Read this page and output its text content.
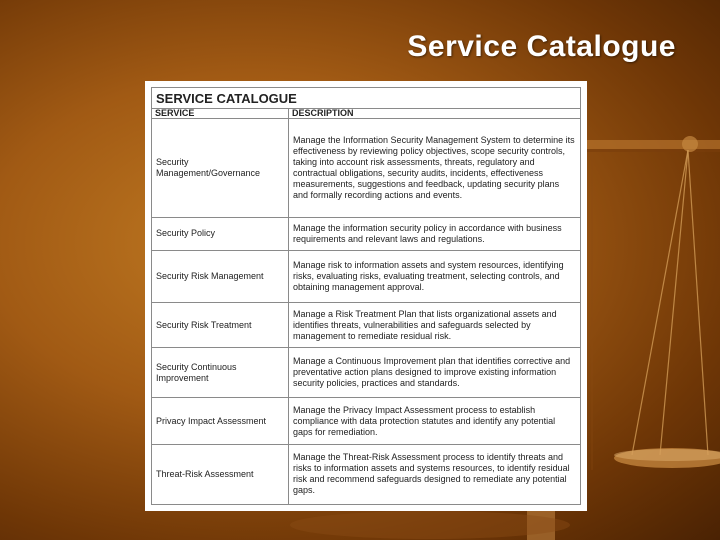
Service Catalogue
SERVICE CATALOGUE	
SERVICE	DESCRIPTION
Security Management/Governance	Manage the Information Security Management System to determine its effectiveness by reviewing policy objectives, scope security controls, taking into account risk assessments, threats, regulatory and contractual obligations, security audits, incidents, effectiveness measurements, suggestions and feedback, updating security plans and formally recording actions and events.
Security Policy	Manage the information security policy in accordance with business requirements and relevant laws and regulations.
Security Risk Management	Manage risk to information assets and system resources, identifying risks, evaluating risks, evaluating treatment, selecting controls, and obtaining management approval.
Security Risk Treatment	Manage a Risk Treatment Plan that lists organizational assets and identifies threats, vulnerabilities and safeguards selected by management to remediate residual risk.
Security Continuous Improvement	Manage a Continuous Improvement plan that identifies corrective and preventative action plans designed to improve existing information security policies, practices and standards.
Privacy Impact Assessment	Manage the Privacy Impact Assessment process to establish compliance with data protection statutes and identify any potential gaps for remediation.
Threat-Risk Assessment	Manage the Threat-Risk Assessment process to identify threats and risks to information assets and systems resources, to identify residual risk and recommend safeguards designed to remediate any potential gaps.
